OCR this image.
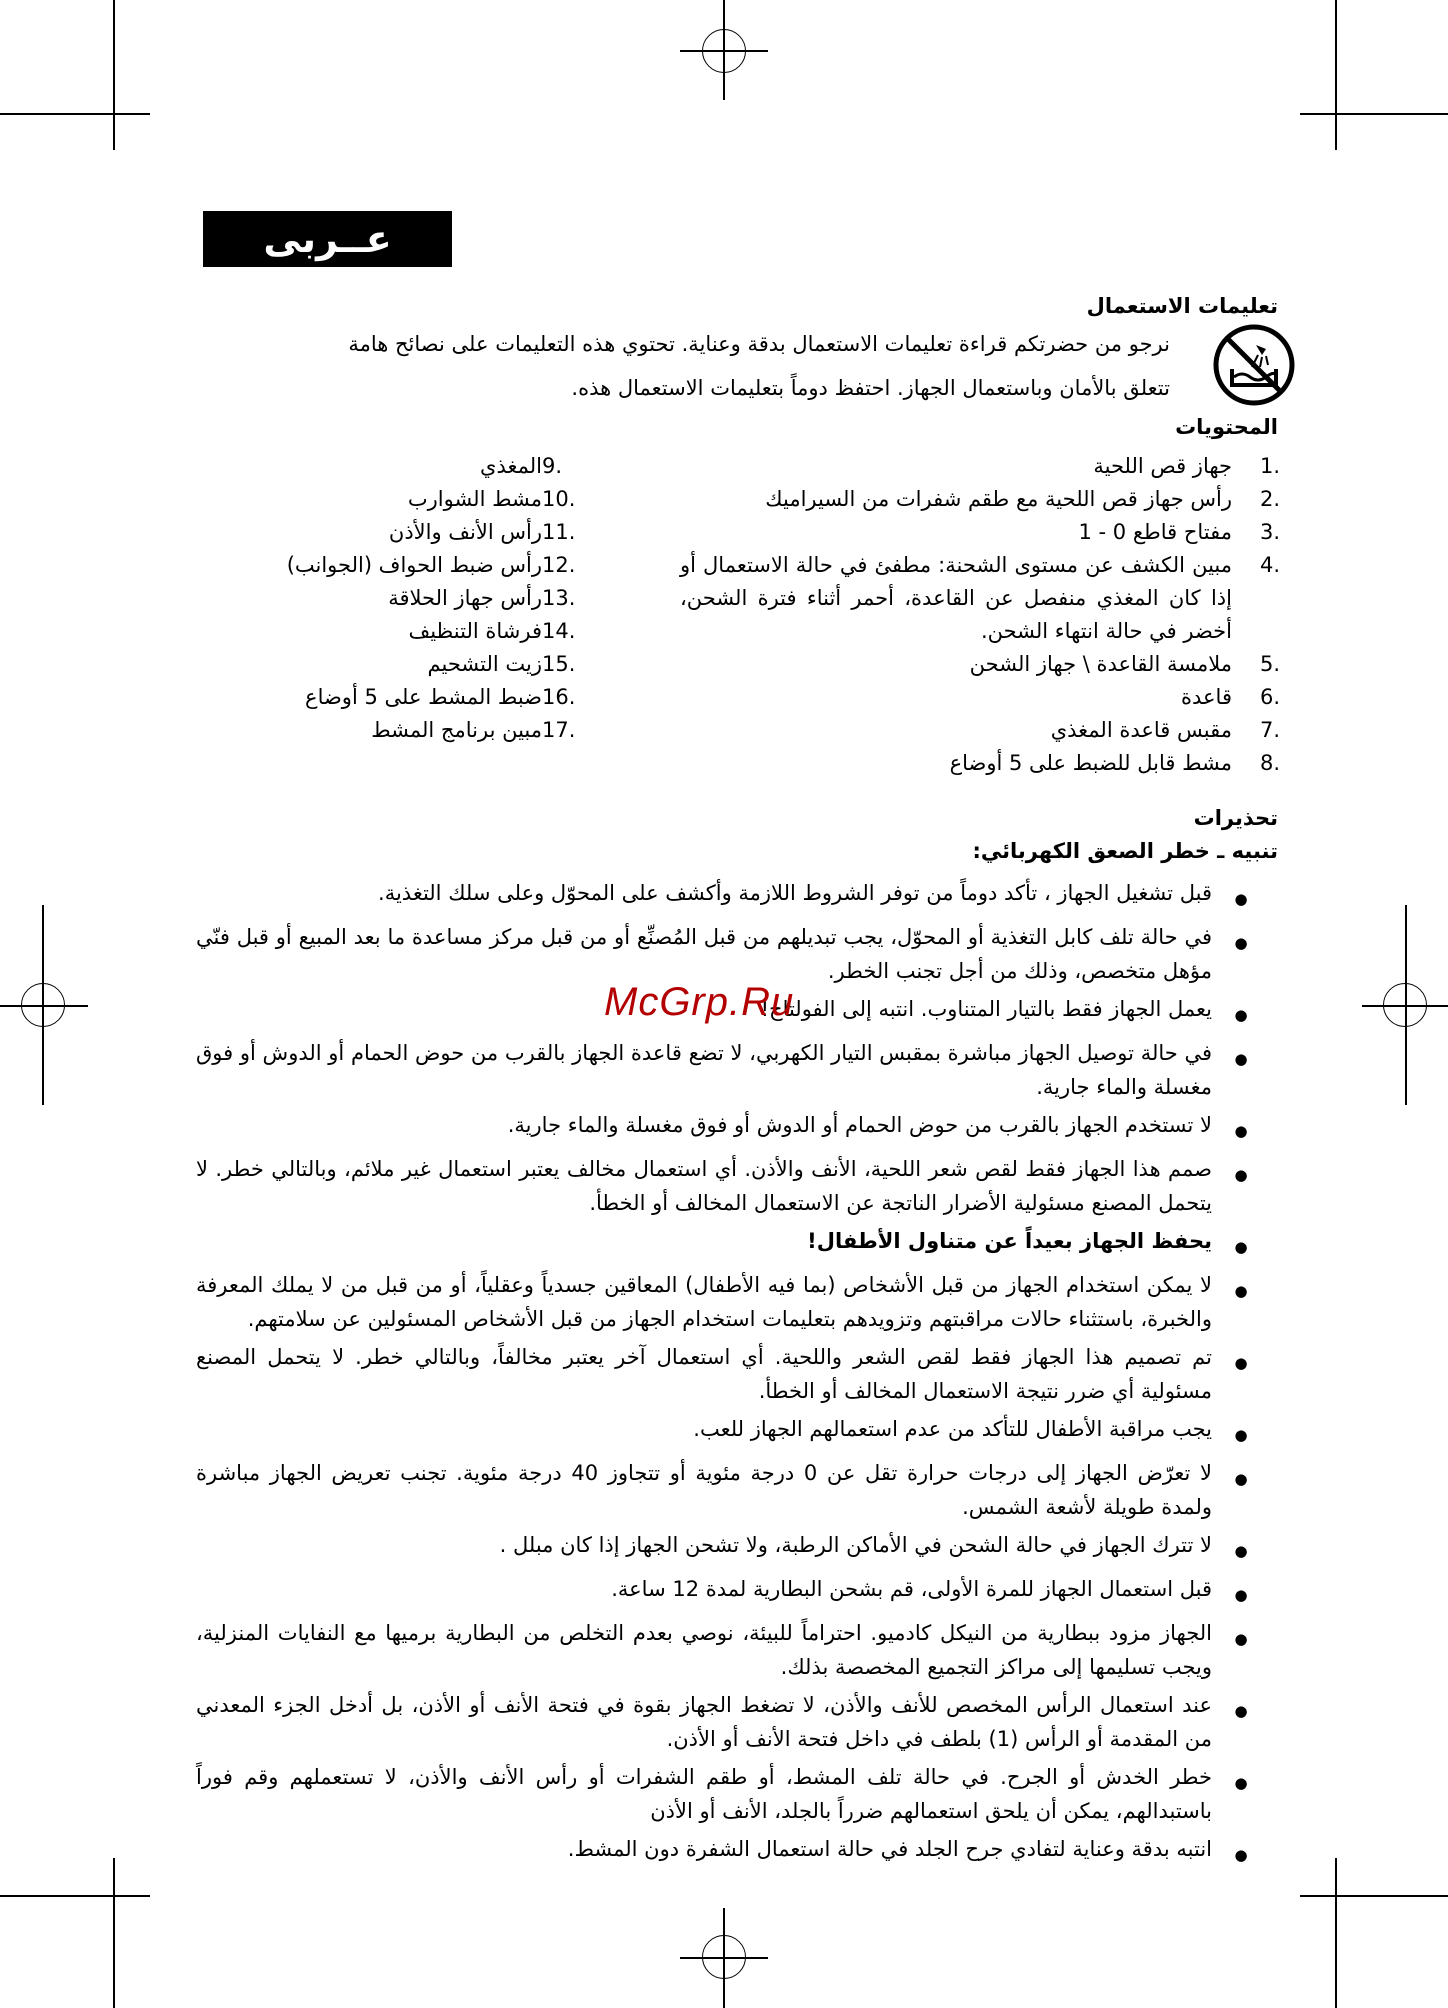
عــربى
تعليمات الاستعمال
نرجو من حضرتكم قراءة تعليمات الاستعمال بدقة وعناية. تحتوي هذه التعليمات على نصائح هامة تتعلق بالأمان وباستعمال الجهاز. احتفظ دوماً بتعليمات الاستعمال هذه.
المحتويات
1.
جهاز قص اللحية
2.
رأس جهاز قص اللحية مع طقم شفرات من السيراميك
3.
مفتاح قاطع 0 - 1
4.
مبين الكشف عن مستوى الشحنة: مطفئ في حالة الاستعمال أو إذا كان المغذي منفصل عن القاعدة، أحمر أثناء فترة الشحن، أخضر في حالة انتهاء الشحن.
5.
ملامسة القاعدة \ جهاز الشحن
6.
قاعدة
7.
مقبس قاعدة المغذي
8.
مشط قابل للضبط على 5 أوضاع
9.
المغذي
10.
مشط الشوارب
11.
رأس الأنف والأذن
12.
رأس ضبط الحواف (الجوانب)
13.
رأس جهاز الحلاقة
14.
فرشاة التنظيف
15.
زيت التشحيم
16.
ضبط المشط على 5 أوضاع
17.
مبين برنامج المشط
تحذيرات
تنبيه ـ خطر الصعق الكهربائي:
●
قبل تشغيل الجهاز ، تأكد دوماً من توفر الشروط اللازمة وأكشف على المحوّل وعلى سلك التغذية.
●
في حالة تلف كابل التغذية أو المحوّل، يجب تبديلهم من قبل المُصنِّع أو من قبل مركز مساعدة ما بعد المبيع أو قبل فنّي مؤهل متخصص، وذلك من أجل تجنب الخطر.
●
يعمل الجهاز فقط بالتيار المتناوب. انتبه إلى الفولتاج!
●
في حالة توصيل الجهاز مباشرة بمقبس التيار الكهربي، لا تضع قاعدة الجهاز بالقرب من حوض الحمام أو الدوش أو فوق مغسلة والماء جارية.
●
لا تستخدم الجهاز بالقرب من حوض الحمام أو الدوش أو فوق مغسلة والماء جارية.
●
صمم هذا الجهاز فقط لقص شعر اللحية، الأنف والأذن. أي استعمال مخالف يعتبر استعمال غير ملائم، وبالتالي خطر. لا يتحمل المصنع مسئولية الأضرار الناتجة عن الاستعمال المخالف أو الخطأ.
●
يحفظ الجهاز بعيداً عن متناول الأطفال!
●
لا يمكن استخدام الجهاز من قبل الأشخاص (بما فيه الأطفال) المعاقين جسدياً وعقلياً، أو من قبل من لا يملك المعرفة والخبرة، باستثناء حالات مراقبتهم وتزويدهم بتعليمات استخدام الجهاز من قبل الأشخاص المسئولين عن سلامتهم.
●
تم تصميم هذا الجهاز فقط لقص الشعر واللحية. أي استعمال آخر يعتبر مخالفاً، وبالتالي خطر. لا يتحمل المصنع مسئولية أي ضرر نتيجة الاستعمال المخالف أو الخطأ.
●
يجب مراقبة الأطفال للتأكد من عدم استعمالهم الجهاز للعب.
●
لا تعرّض الجهاز إلى درجات حرارة تقل عن 0 درجة مئوية أو تتجاوز 40 درجة مئوية. تجنب تعريض الجهاز مباشرة ولمدة طويلة لأشعة الشمس.
●
لا تترك الجهاز في حالة الشحن في الأماكن الرطبة، ولا تشحن الجهاز إذا كان مبلل .
●
قبل استعمال الجهاز للمرة الأولى، قم بشحن البطارية لمدة 12 ساعة.
●
الجهاز مزود ببطارية من النيكل كادميو. احتراماً للبيئة، نوصي بعدم التخلص من البطارية برميها مع النفايات المنزلية، ويجب تسليمها إلى مراكز التجميع المخصصة بذلك.
●
عند استعمال الرأس المخصص للأنف والأذن، لا تضغط الجهاز بقوة في فتحة الأنف أو الأذن، بل أدخل الجزء المعدني من المقدمة أو الرأس (1) بلطف في داخل فتحة الأنف أو الأذن.
●
خطر الخدش أو الجرح. في حالة تلف المشط، أو طقم الشفرات أو رأس الأنف والأذن، لا تستعملهم وقم فوراً باستبدالهم، يمكن أن يلحق استعمالهم ضرراً بالجلد، الأنف أو الأذن
●
انتبه بدقة وعناية لتفادي جرح الجلد في حالة استعمال الشفرة دون المشط.
McGrp.Ru
